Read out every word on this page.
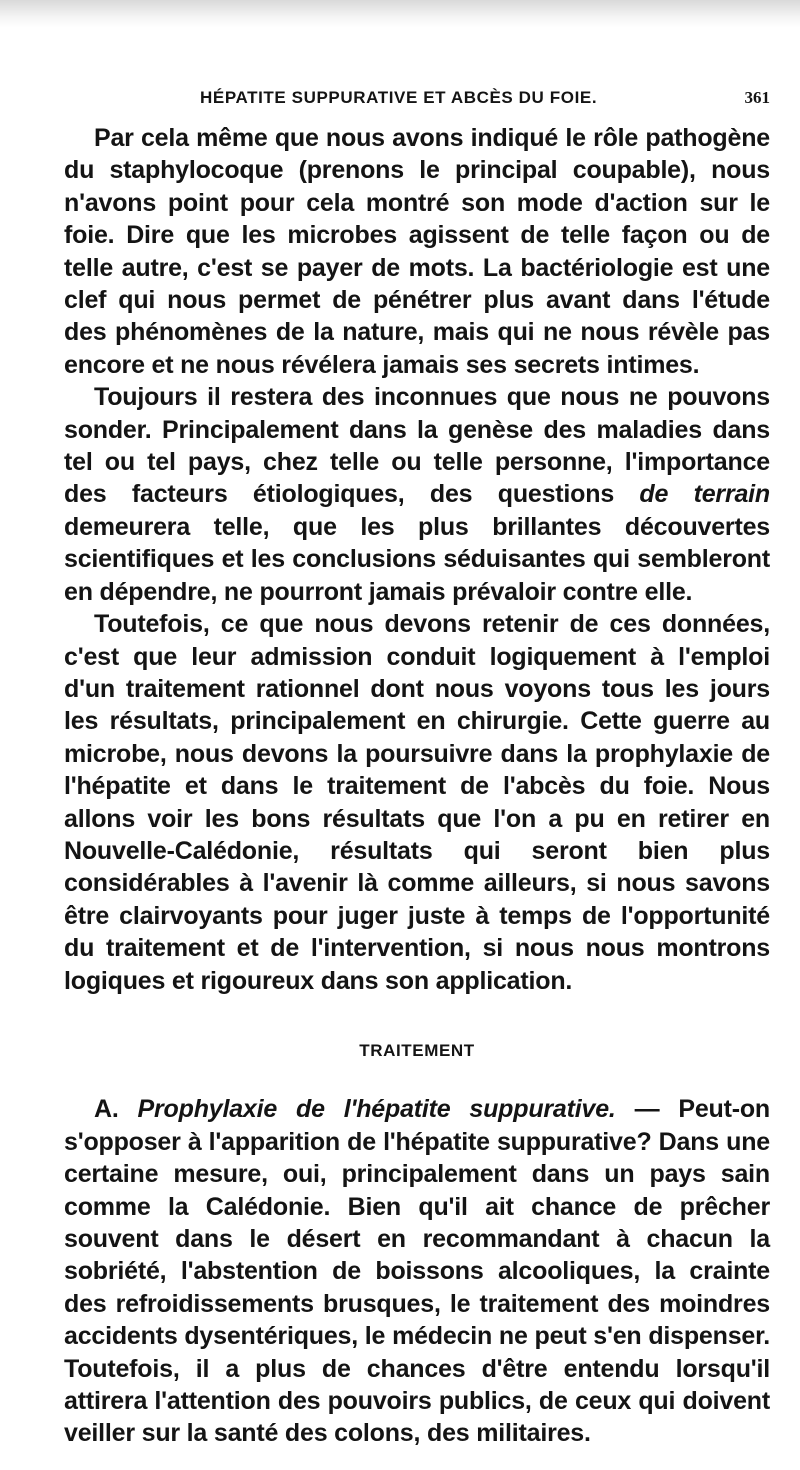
HÉPATITE SUPPURATIVE ET ABCÈS DU FOIE.	361

Par cela même que nous avons indiqué le rôle pathogène du staphylocoque (prenons le principal coupable), nous n'avons point pour cela montré son mode d'action sur le foie. Dire que les microbes agissent de telle façon ou de telle autre, c'est se payer de mots. La bactériologie est une clef qui nous permet de pénétrer plus avant dans l'étude des phénomènes de la nature, mais qui ne nous révèle pas encore et ne nous révélera jamais ses secrets intimes.

Toujours il restera des inconnues que nous ne pouvons sonder. Principalement dans la genèse des maladies dans tel ou tel pays, chez telle ou telle personne, l'importance des facteurs étiologiques, des questions de terrain demeurera telle, que les plus brillantes découvertes scientifiques et les conclusions séduisantes qui sembleront en dépendre, ne pourront jamais prévaloir contre elle.

Toutefois, ce que nous devons retenir de ces données, c'est que leur admission conduit logiquement à l'emploi d'un traitement rationnel dont nous voyons tous les jours les résultats, principalement en chirurgie. Cette guerre au microbe, nous devons la poursuivre dans la prophylaxie de l'hépatite et dans le traitement de l'abcès du foie. Nous allons voir les bons résultats que l'on a pu en retirer en Nouvelle-Calédonie, résultats qui seront bien plus considérables à l'avenir là comme ailleurs, si nous savons être clairvoyants pour juger juste à temps de l'opportunité du traitement et de l'intervention, si nous nous montrons logiques et rigoureux dans son application.

TRAITEMENT

A. Prophylaxie de l'hépatite suppurative. — Peut-on s'opposer à l'apparition de l'hépatite suppurative? Dans une certaine mesure, oui, principalement dans un pays sain comme la Calédonie. Bien qu'il ait chance de prêcher souvent dans le désert en recommandant à chacun la sobriété, l'abstention de boissons alcooliques, la crainte des refroidissements brusques, le traitement des moindres accidents dysentériques, le médecin ne peut s'en dispenser. Toutefois, il a plus de chances d'être entendu lorsqu'il attirera l'attention des pouvoirs publics, de ceux qui doivent veiller sur la santé des colons, des militaires.
